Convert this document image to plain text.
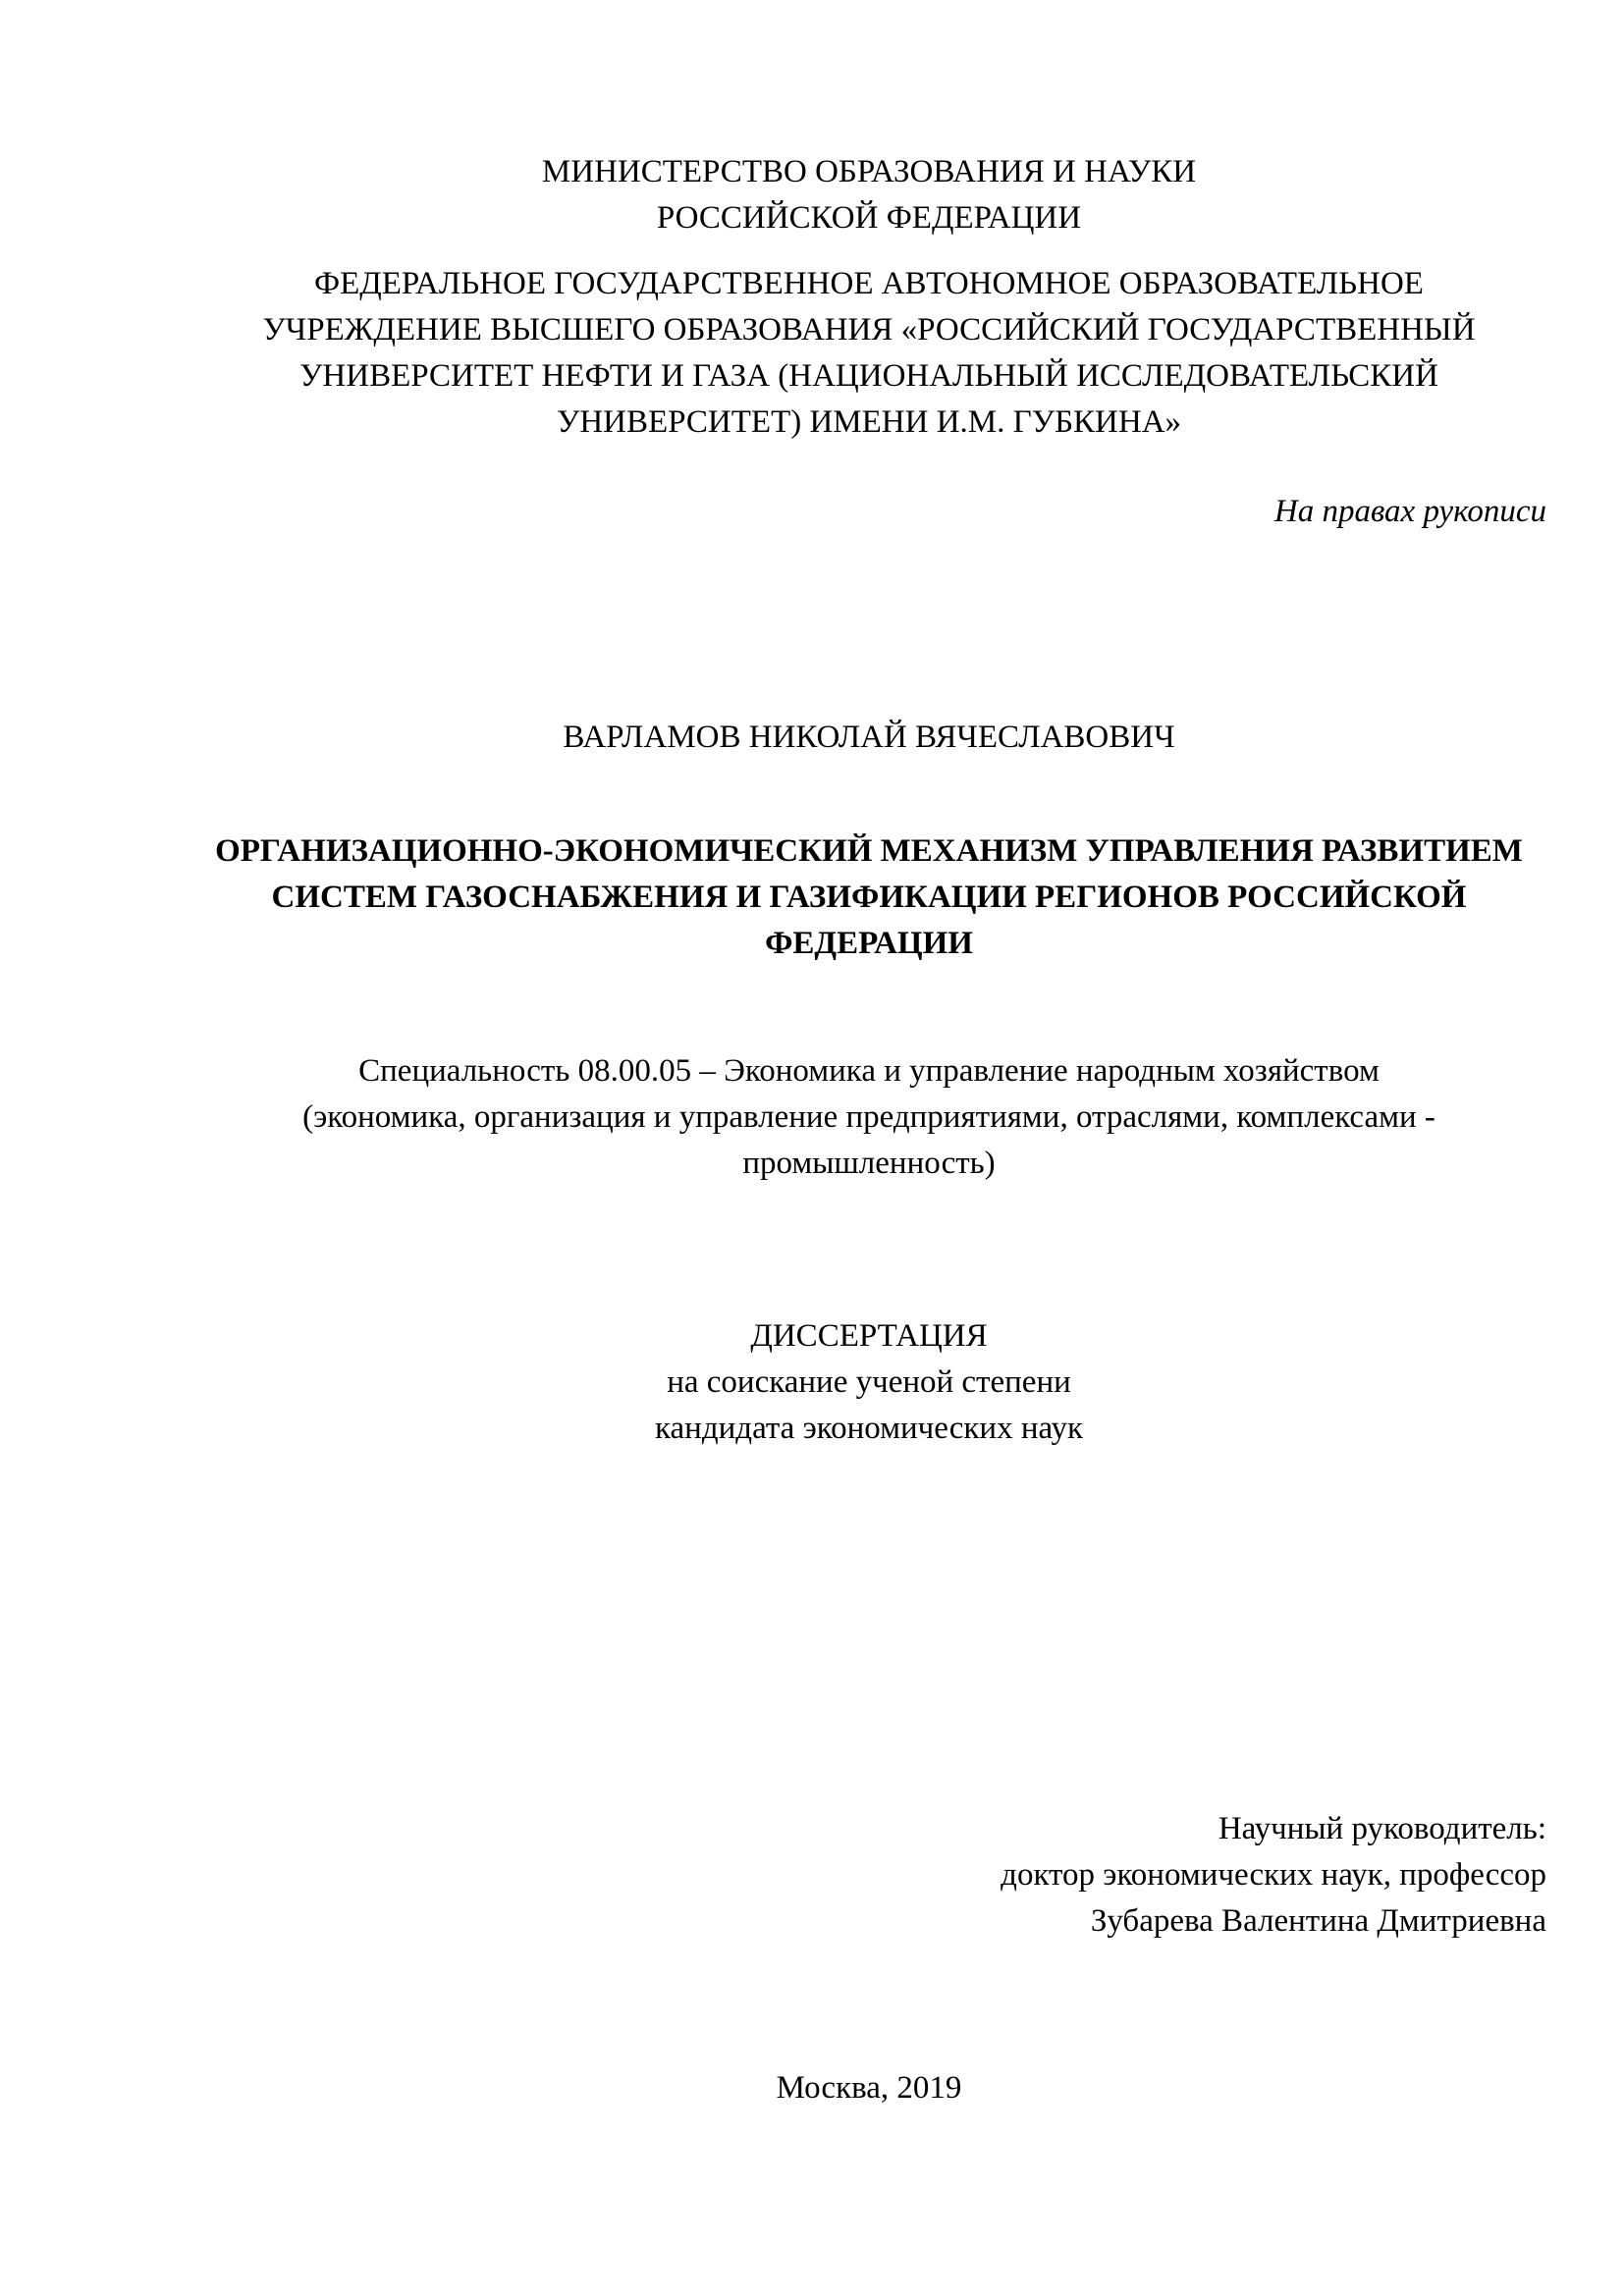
МИНИСТЕРСТВО ОБРАЗОВАНИЯ И НАУКИ
РОССИЙСКОЙ ФЕДЕРАЦИИ
ФЕДЕРАЛЬНОЕ ГОСУДАРСТВЕННОЕ АВТОНОМНОЕ ОБРАЗОВАТЕЛЬНОЕ
УЧРЕЖДЕНИЕ ВЫСШЕГО ОБРАЗОВАНИЯ «РОССИЙСКИЙ ГОСУДАРСТВЕННЫЙ
УНИВЕРСИТЕТ НЕФТИ И ГАЗА (НАЦИОНАЛЬНЫЙ ИССЛЕДОВАТЕЛЬСКИЙ
УНИВЕРСИТЕТ) ИМЕНИ И.М. ГУБКИНА»
На правах рукописи
ВАРЛАМОВ НИКОЛАЙ ВЯЧЕСЛАВОВИЧ
ОРГАНИЗАЦИОННО-ЭКОНОМИЧЕСКИЙ МЕХАНИЗМ УПРАВЛЕНИЯ РАЗВИТИЕМ
СИСТЕМ ГАЗОСНАБЖЕНИЯ И ГАЗИФИКАЦИИ РЕГИОНОВ РОССИЙСКОЙ
ФЕДЕРАЦИИ
Специальность 08.00.05 – Экономика и управление народным хозяйством
(экономика, организация и управление предприятиями, отраслями, комплексами -
промышленность)
ДИССЕРТАЦИЯ
на соискание ученой степени
кандидата экономических наук
Научный руководитель:
доктор экономических наук, профессор
Зубарева Валентина Дмитриевна
Москва, 2019
